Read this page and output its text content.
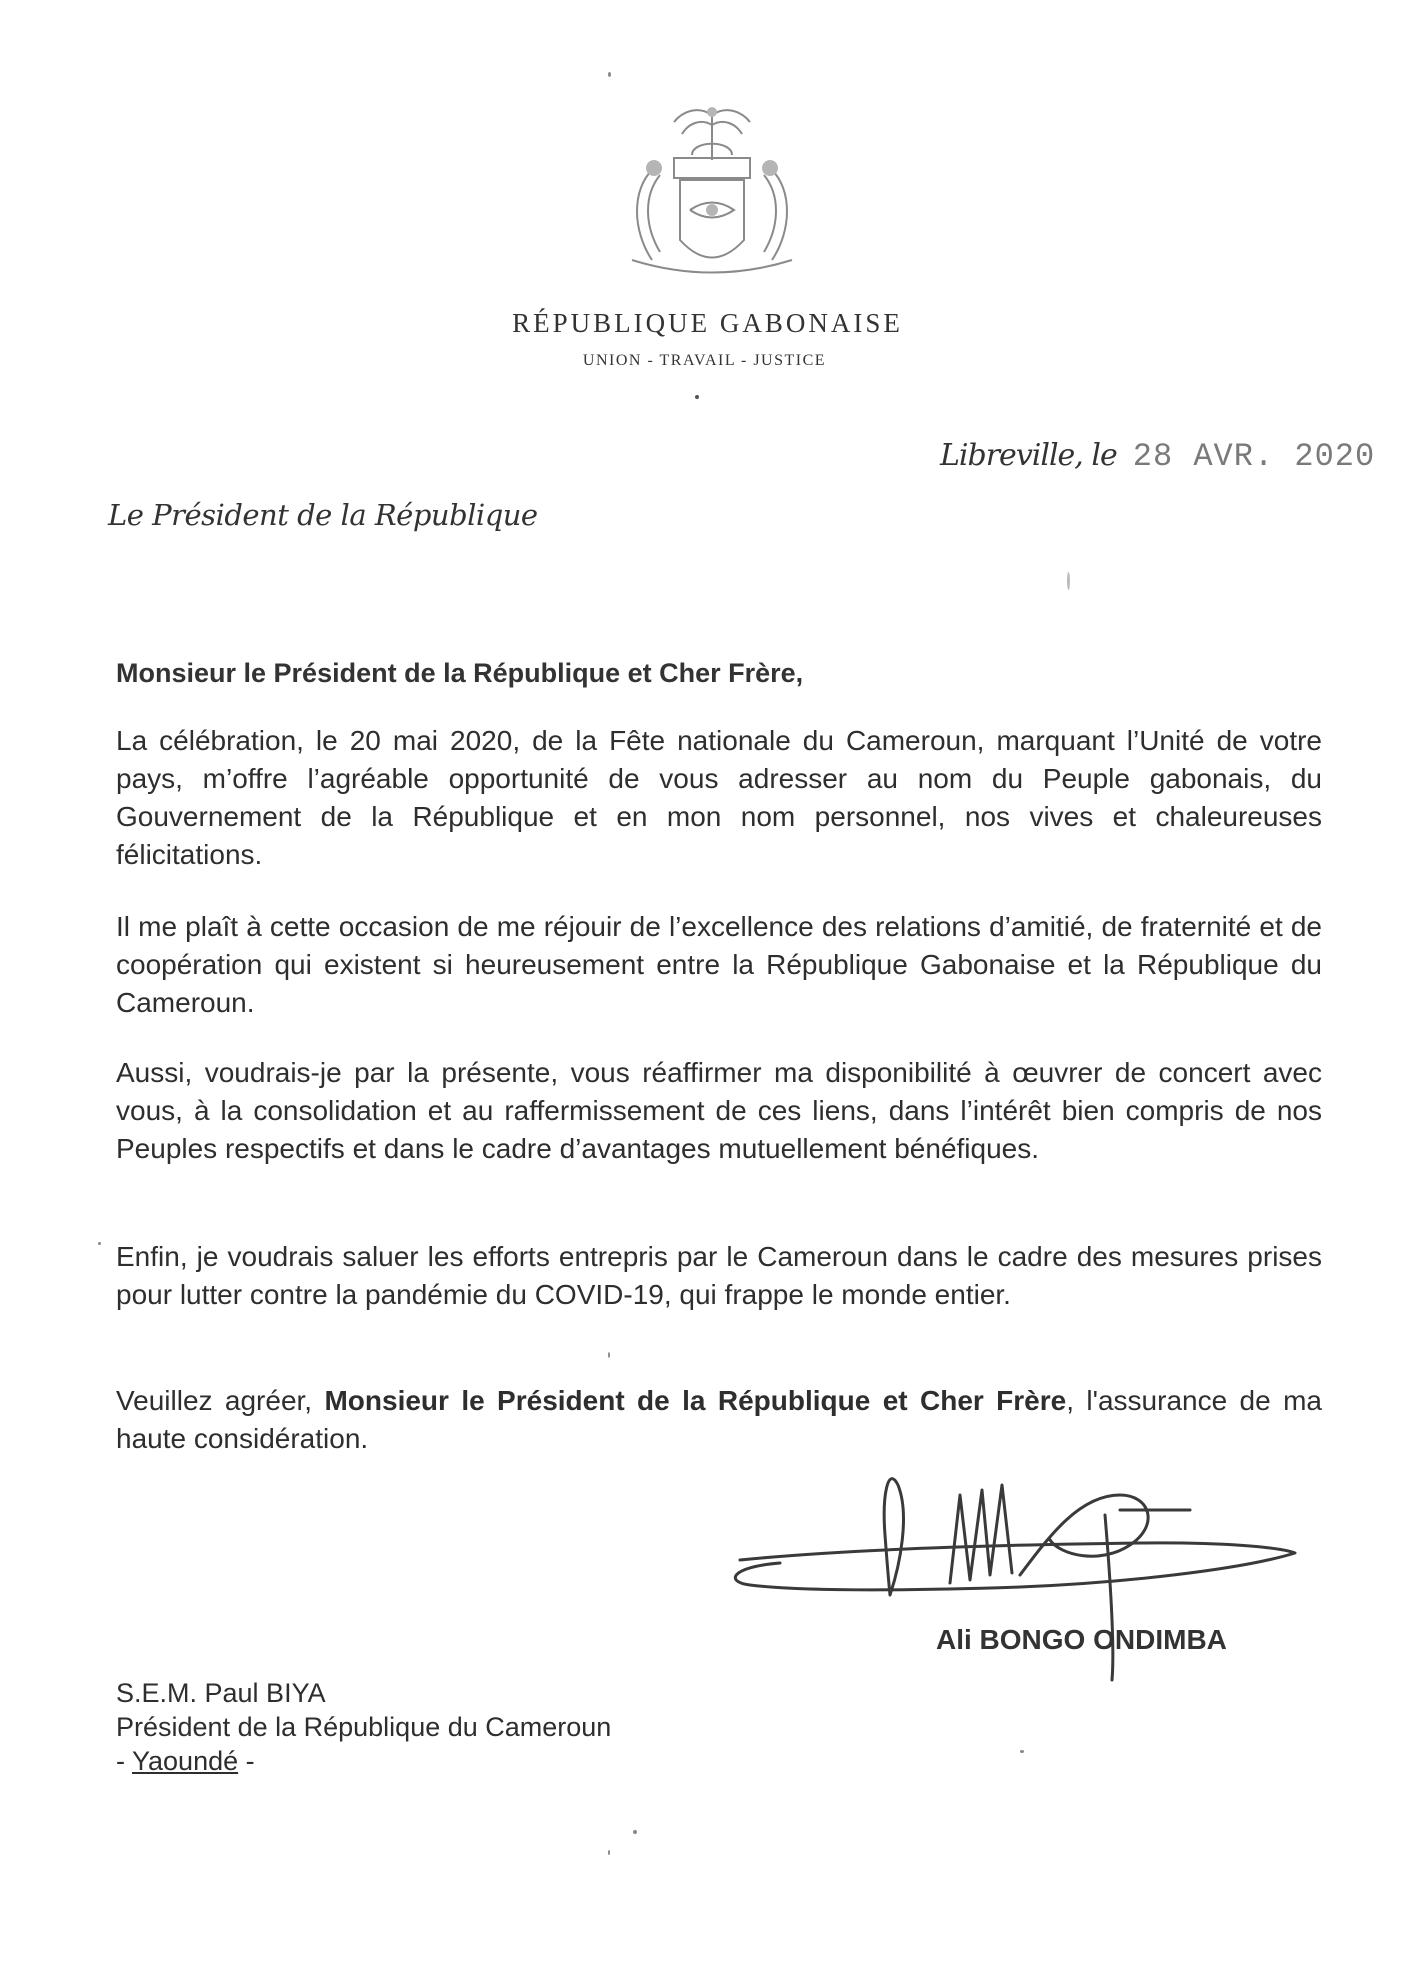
RÉPUBLIQUE GABONAISE
UNION - TRAVAIL - JUSTICE
Libreville, le 28 AVR. 2020
Le Président de la République
Monsieur le Président de la République et Cher Frère,
La célébration, le 20 mai 2020, de la Fête nationale du Cameroun, marquant l’Unité de votre pays, m’offre l’agréable opportunité de vous adresser au nom du Peuple gabonais, du Gouvernement de la République et en mon nom personnel, nos vives et chaleureuses félicitations.
Il me plaît à cette occasion de me réjouir de l’excellence des relations d’amitié, de fraternité et de coopération qui existent si heureusement entre la République Gabonaise et la République du Cameroun.
Aussi, voudrais-je par la présente, vous réaffirmer ma disponibilité à œuvrer de concert avec vous, à la consolidation et au raffermissement de ces liens, dans l’intérêt bien compris de nos Peuples respectifs et dans le cadre d’avantages mutuellement bénéfiques.
Enfin, je voudrais saluer les efforts entrepris par le Cameroun dans le cadre des mesures prises pour lutter contre la pandémie du COVID-19, qui frappe le monde entier.
Veuillez agréer, Monsieur le Président de la République et Cher Frère, l'assurance de ma haute considération.
Ali BONGO ONDIMBA
S.E.M. Paul BIYA
Président de la République du Cameroun
- Yaoundé -
